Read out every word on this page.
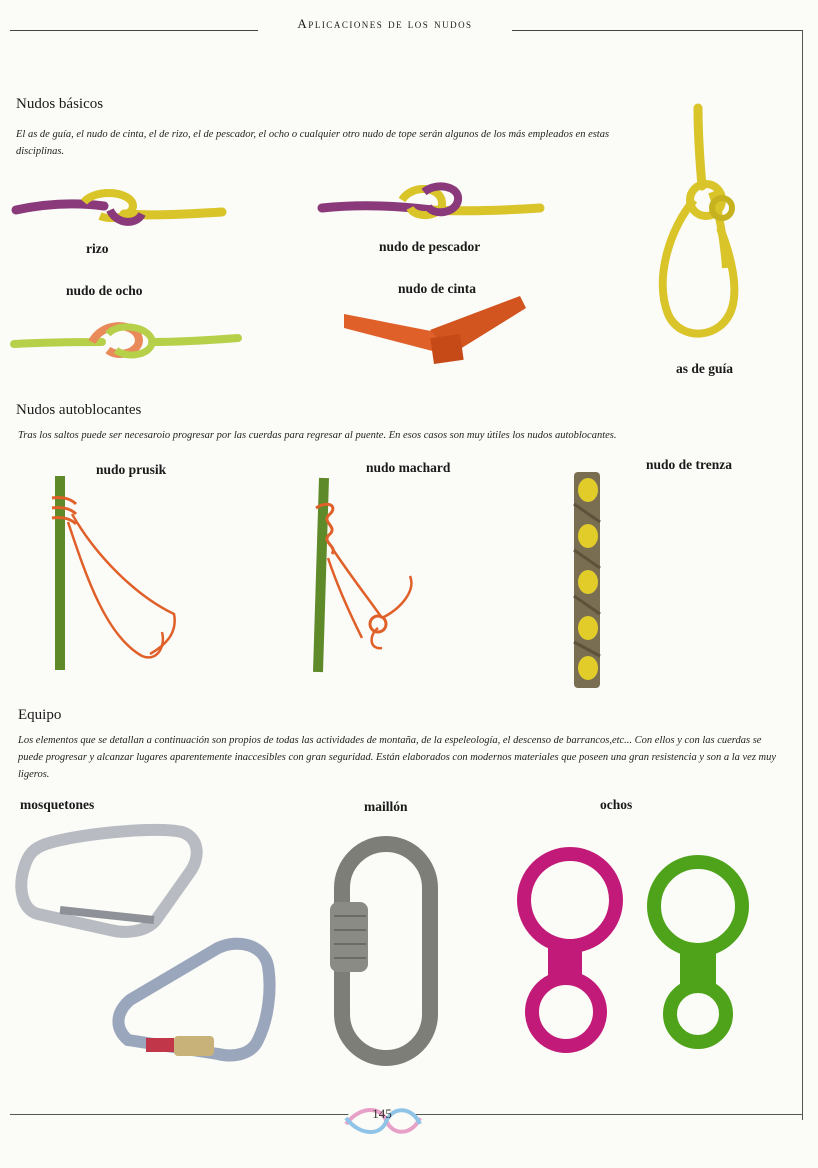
Aplicaciones de los nudos
Nudos básicos
El as de guía, el nudo de cinta, el de rizo, el de pescador, el ocho o cualquier otro nudo de tope serán algunos de los más empleados en estas disciplinas.
rizo	nudo de pescador
as de guía
nudo de ocho	nudo de cinta
Nudos autoblocantes
Tras los saltos puede ser necesaroio progresar por las cuerdas para regresar al puente. En esos casos son muy útiles los nudos autoblocantes.
nudo prusik	nudo machard	nudo de trenza
Equipo
Los elementos que se detallan a continuación son propios de todas las actividades de montaña, de la espeleología, el descenso de barrancos,etc... Con ellos y con las cuerdas se puede progresar y alcanzar lugares aparentemente inaccesibles con gran seguridad. Están elaborados con modernos materiales que poseen una gran resistencia y son a la vez muy ligeros.
mosquetones	maillón	ochos
145
